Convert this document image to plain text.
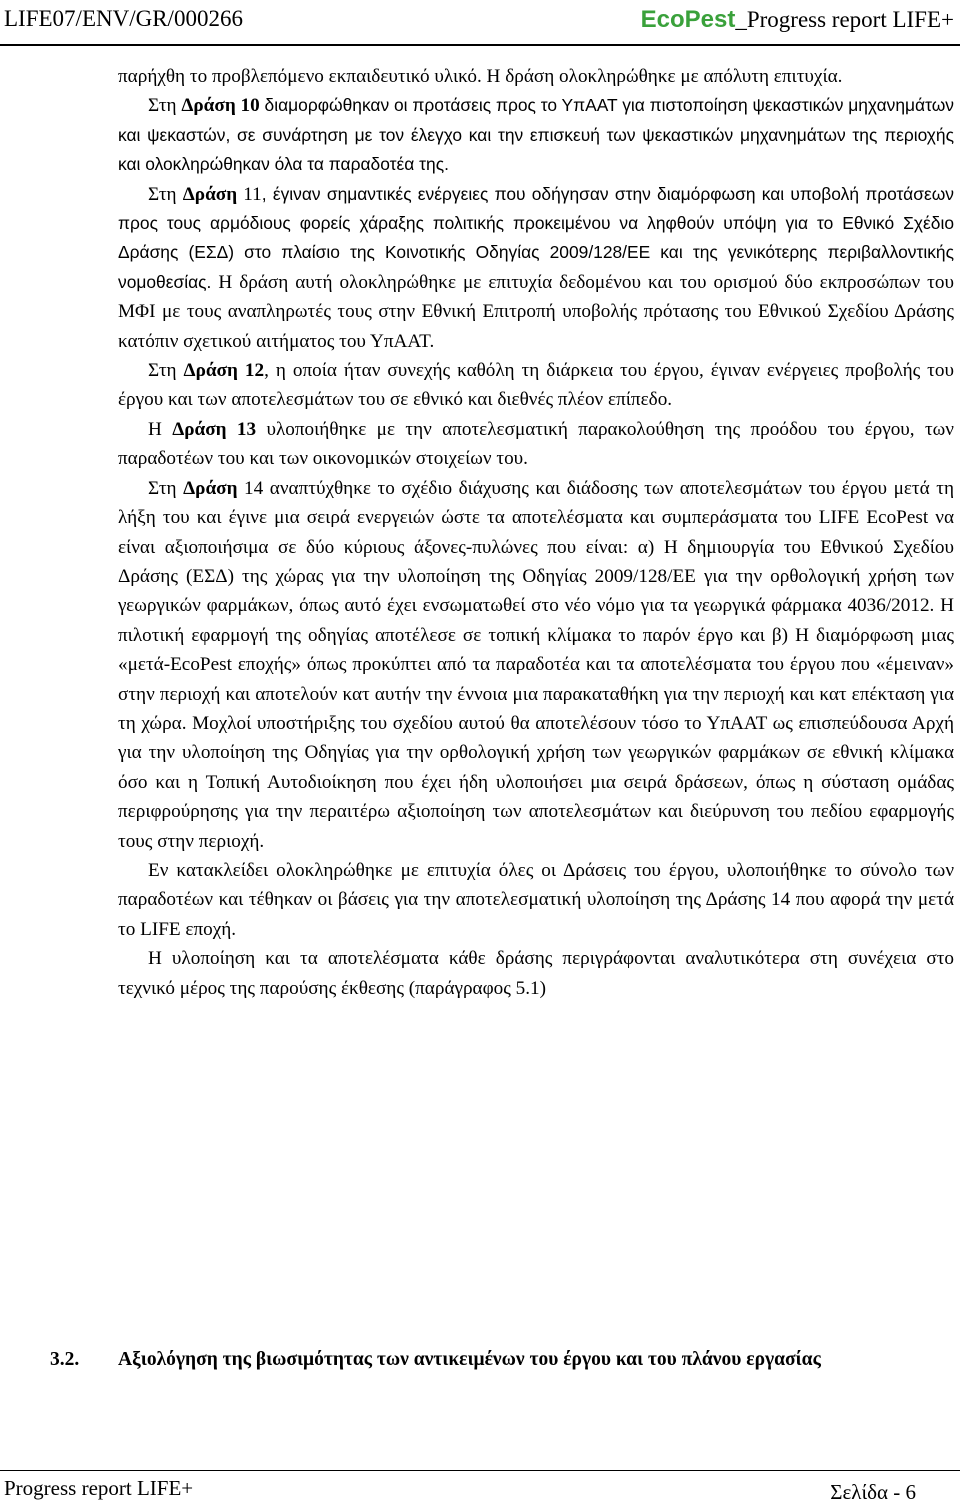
LIFE07/ENV/GR/000266	EcoPest_Progress report LIFE+

παρήχθη το προβλεπόμενο εκπαιδευτικό υλικό. Η δράση ολοκληρώθηκε με απόλυτη επιτυχία.

Στη Δράση 10 διαμορφώθηκαν οι προτάσεις προς το ΥπΑΑΤ για πιστοποίηση ψεκαστικών μηχανημάτων και ψεκαστών, σε συνάρτηση με τον έλεγχο και την επισκευή των ψεκαστικών μηχανημάτων της περιοχής και ολοκληρώθηκαν όλα τα παραδοτέα της.

Στη Δράση 11, έγιναν σημαντικές ενέργειες που οδήγησαν στην διαμόρφωση και υποβολή προτάσεων προς τους αρμόδιους φορείς χάραξης πολιτικής προκειμένου να ληφθούν υπόψη για το Εθνικό Σχέδιο Δράσης (ΕΣΔ) στο πλαίσιο της Κοινοτικής Οδηγίας 2009/128/ΕΕ και της γενικότερης περιβαλλοντικής νομοθεσίας. Η δράση αυτή ολοκληρώθηκε με επιτυχία δεδομένου και του ορισμού δύο εκπροσώπων του ΜΦΙ με τους αναπληρωτές τους στην Εθνική Επιτροπή υποβολής πρότασης του Εθνικού Σχεδίου Δράσης κατόπιν σχετικού αιτήματος του ΥπΑΑΤ.

Στη Δράση 12, η οποία ήταν συνεχής καθόλη τη διάρκεια του έργου, έγιναν ενέργειες προβολής του έργου και των αποτελεσμάτων του σε εθνικό και διεθνές πλέον επίπεδο.

Η Δράση 13 υλοποιήθηκε με την αποτελεσματική παρακολούθηση της προόδου του έργου, των παραδοτέων του και των οικονομικών στοιχείων του.

Στη Δράση 14 αναπτύχθηκε το σχέδιο διάχυσης και διάδοσης των αποτελεσμάτων του έργου μετά τη λήξη του και έγινε μια σειρά ενεργειών ώστε τα αποτελέσματα και συμπεράσματα του LIFE EcoPest να είναι αξιοποιήσιμα σε δύο κύριους άξονες-πυλώνες που είναι: α) Η δημιουργία του Εθνικού Σχεδίου Δράσης (ΕΣΔ) της χώρας για την υλοποίηση της Οδηγίας 2009/128/ΕΕ για την ορθολογική χρήση των γεωργικών φαρμάκων, όπως αυτό έχει ενσωματωθεί στο νέο νόμο για τα γεωργικά φάρμακα 4036/2012. Η πιλοτική εφαρμογή της οδηγίας αποτέλεσε σε τοπική κλίμακα το παρόν έργο και β) Η διαμόρφωση μιας «μετά-EcoPest εποχής» όπως προκύπτει από τα παραδοτέα και τα αποτελέσματα του έργου που «έμειναν» στην περιοχή και αποτελούν κατ αυτήν την έννοια μια παρακαταθήκη για την περιοχή και κατ επέκταση για τη χώρα. Μοχλοί υποστήριξης του σχεδίου αυτού θα αποτελέσουν τόσο το ΥπΑΑΤ ως επισπεύδουσα Αρχή για την υλοποίηση της Οδηγίας για την ορθολογική χρήση των γεωργικών φαρμάκων σε εθνική κλίμακα όσο και η Τοπική Αυτοδιοίκηση που έχει ήδη υλοποιήσει μια σειρά δράσεων, όπως η σύσταση ομάδας περιφρούρησης για την περαιτέρω αξιοποίηση των αποτελεσμάτων και διεύρυνση του πεδίου εφαρμογής τους στην περιοχή.

Εν κατακλείδει ολοκληρώθηκε με επιτυχία όλες οι Δράσεις του έργου, υλοποιήθηκε το σύνολο των παραδοτέων και τέθηκαν οι βάσεις για την αποτελεσματική υλοποίηση της Δράσης 14 που αφορά την μετά το LIFE εποχή.

Η υλοποίηση και τα αποτελέσματα κάθε δράσης περιγράφονται αναλυτικότερα στη συνέχεια στο τεχνικό μέρος της παρούσης έκθεσης (παράγραφος 5.1)

3.2. Αξιολόγηση της βιωσιμότητας των αντικειμένων του έργου και του πλάνου εργασίας
Progress report LIFE+	Σελίδα - 6
